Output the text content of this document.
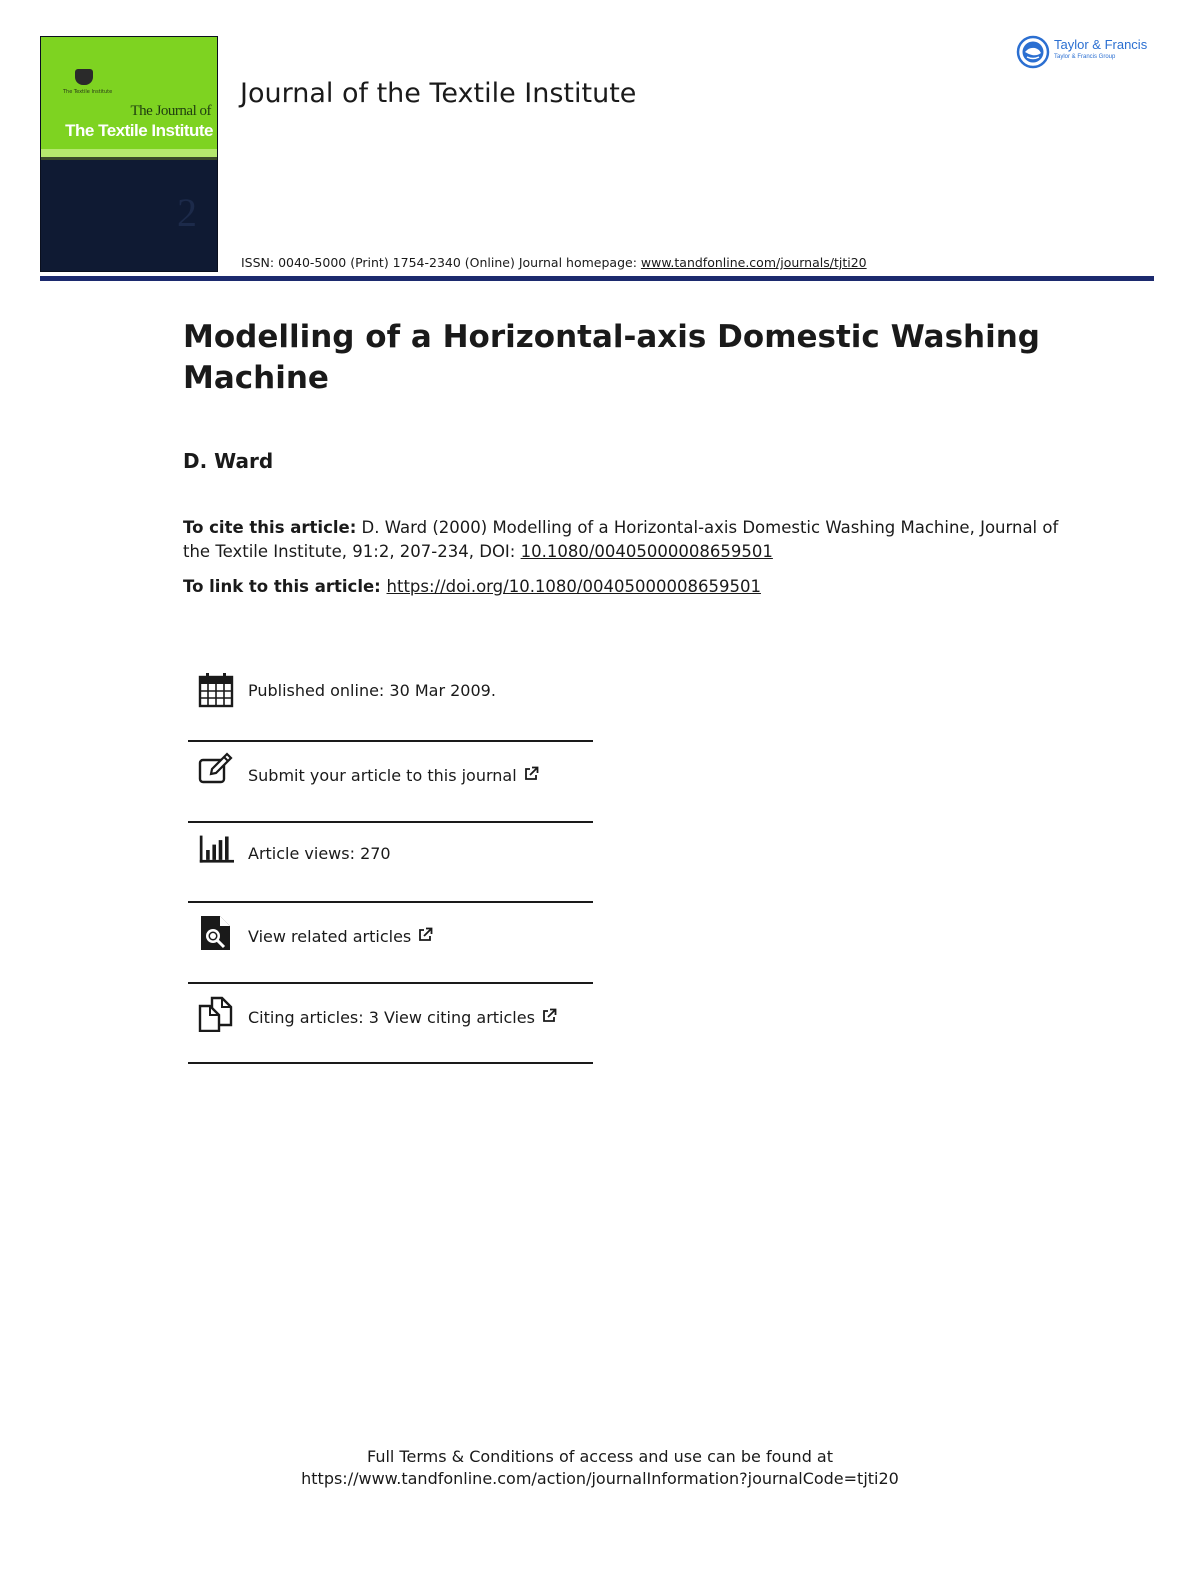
The Textile Institute
The Journal of
The Textile Institute
2
Journal of the Textile Institute
Taylor & Francis
Taylor & Francis Group
ISSN: 0040-5000 (Print) 1754-2340 (Online) Journal homepage: www.tandfonline.com/journals/tjti20
Modelling of a Horizontal-axis Domestic Washing Machine
D. Ward
To cite this article: D. Ward (2000) Modelling of a Horizontal-axis Domestic Washing Machine, Journal of the Textile Institute, 91:2, 207-234, DOI: 10.1080/00405000008659501
To link to this article: https://doi.org/10.1080/00405000008659501
Published online: 30 Mar 2009.
Submit your article to this journal
Article views: 270
View related articles
Citing articles: 3 View citing articles
Full Terms & Conditions of access and use can be found at
https://www.tandfonline.com/action/journalInformation?journalCode=tjti20
